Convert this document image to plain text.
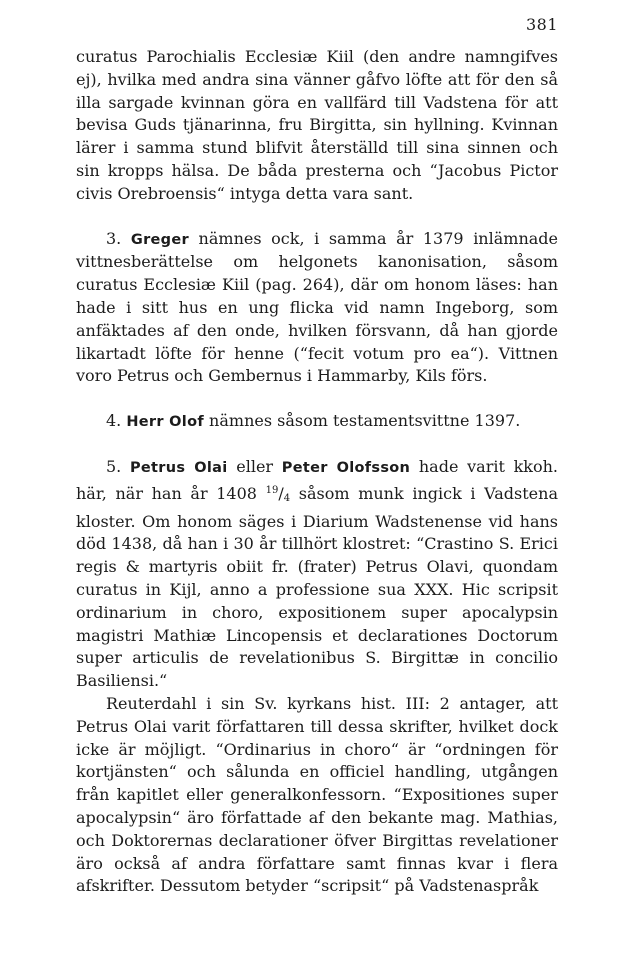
381

curatus Parochialis Ecclesiæ Kiil (den andre namngifves ej), hvilka med andra sina vänner gåfvo löfte att för den så illa sargade kvinnan göra en vallfärd till Vadstena för att bevisa Guds tjänarinna, fru Birgitta, sin hyllning. Kvinnan lärer i samma stund blifvit återställd till sina sinnen och sin kropps hälsa. De båda presterna och “Jacobus Pictor civis Orebroensis“ intyga detta vara sant.

3. Greger nämnes ock, i samma år 1379 inlämnade vittnesberättelse om helgonets kanonisation, såsom curatus Ecclesiæ Kiil (pag. 264), där om honom läses: han hade i sitt hus en ung flicka vid namn Ingeborg, som anfäktades af den onde, hvilken försvann, då han gjorde likartadt löfte för henne (“fecit votum pro ea“). Vittnen voro Petrus och Gembernus i Hammarby, Kils förs.

4. Herr Olof nämnes såsom testamentsvittne 1397.

5. Petrus Olai eller Peter Olofsson hade varit kkoh. här, när han år 1408 $^{19}/_4$ såsom munk ingick i Vadstena kloster. Om honom säges i Diarium Wadstenense vid hans död 1438, då han i 30 år tillhört klostret: “Crastino S. Erici regis & martyris obiit fr. (frater) Petrus Olavi, quondam curatus in Kijl, anno a professione sua XXX. Hic scripsit ordinarium in choro, expositionem super apocalypsin magistri Mathiæ Lincopensis et declarationes Doctorum super articulis de revelationibus S. Birgittæ in concilio Basiliensi.“

Reuterdahl i sin Sv. kyrkans hist. III: 2 antager, att Petrus Olai varit författaren till dessa skrifter, hvilket dock icke är möjligt. “Ordinarius in choro“ är “ordningen för kortjänsten“ och sålunda en officiel handling, utgången från kapitlet eller generalkonfessorn. “Expositiones super apocalypsin“ äro författade af den bekante mag. Mathias, och Doktorernas declarationer öfver Birgittas revelationer äro också af andra författare samt finnas kvar i flera afskrifter. Dessutom betyder “scripsit“ på Vadstenaspråk
